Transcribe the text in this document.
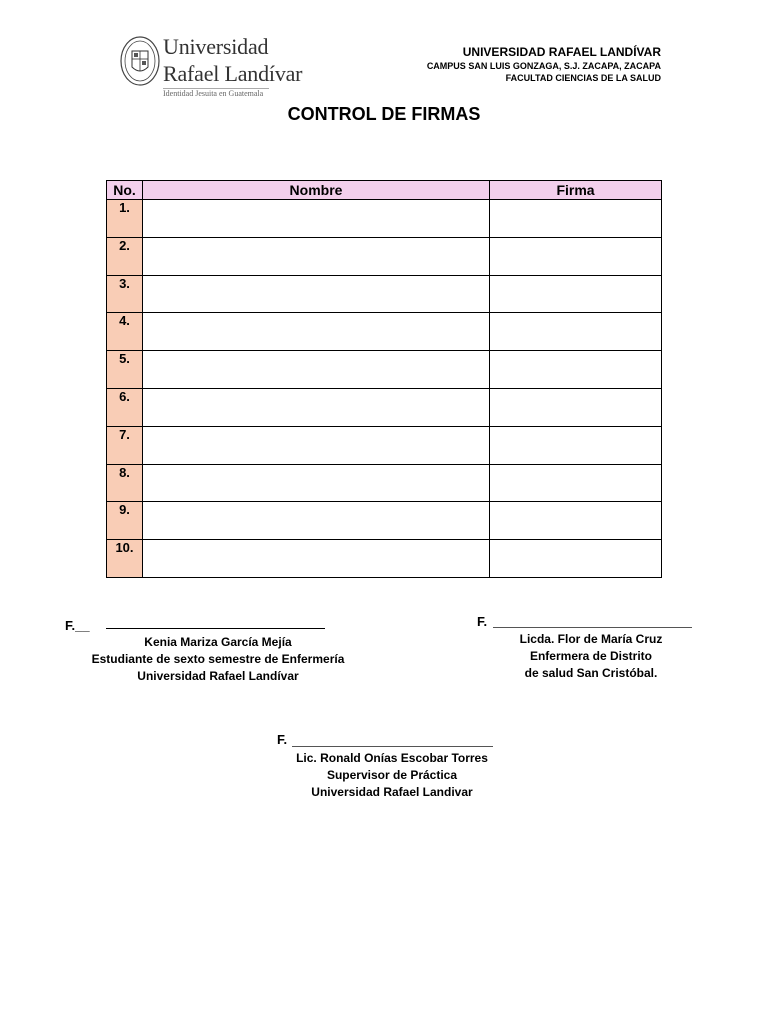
Universidad
Rafael Landívar
Identidad Jesuita en Guatemala
UNIVERSIDAD RAFAEL LANDÍVAR
CAMPUS SAN LUIS GONZAGA, S.J. ZACAPA, ZACAPA
FACULTAD CIENCIAS DE LA SALUD
CONTROL DE FIRMAS
No.	Nombre	Firma
1.		
2.		
3.		
4.		
5.		
6.		
7.		
8.		
9.		
10.		
F.__
Kenia Mariza García Mejía
Estudiante de sexto semestre de Enfermería
Universidad Rafael Landívar
F.
Licda. Flor de María Cruz
Enfermera de Distrito
de salud San Cristóbal.
F.
Lic. Ronald Onías Escobar Torres
Supervisor de Práctica
Universidad Rafael Landivar
